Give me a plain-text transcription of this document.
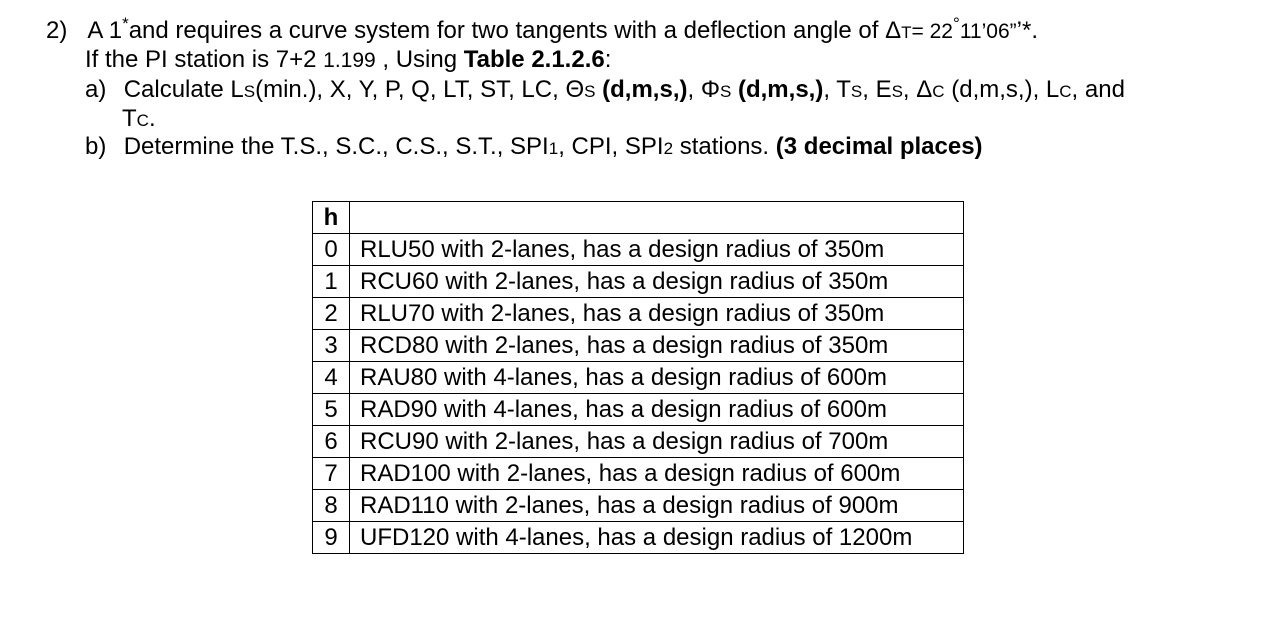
2) A 1*and requires a curve system for two tangents with a deflection angle of ΔT= 22°11’06”’*.
If the PI station is 7+2 1.199 , Using Table 2.1.2.6:
a) Calculate LS(min.), X, Y, P, Q, LT, ST, LC, ΘS (d,m,s,), ΦS (d,m,s,), TS, ES, ΔC (d,m,s,), LC, and
TC.
b) Determine the T.S., S.C., C.S., S.T., SPI1, CPI, SPI2 stations. (3 decimal places)
h	
0	RLU50 with 2-lanes, has a design radius of 350m
1	RCU60 with 2-lanes, has a design radius of 350m
2	RLU70 with 2-lanes, has a design radius of 350m
3	RCD80 with 2-lanes, has a design radius of 350m
4	RAU80 with 4-lanes, has a design radius of 600m
5	RAD90 with 4-lanes, has a design radius of 600m
6	RCU90 with 2-lanes, has a design radius of 700m
7	RAD100 with 2-lanes, has a design radius of 600m
8	RAD110 with 2-lanes, has a design radius of 900m
9	UFD120 with 4-lanes, has a design radius of 1200m
